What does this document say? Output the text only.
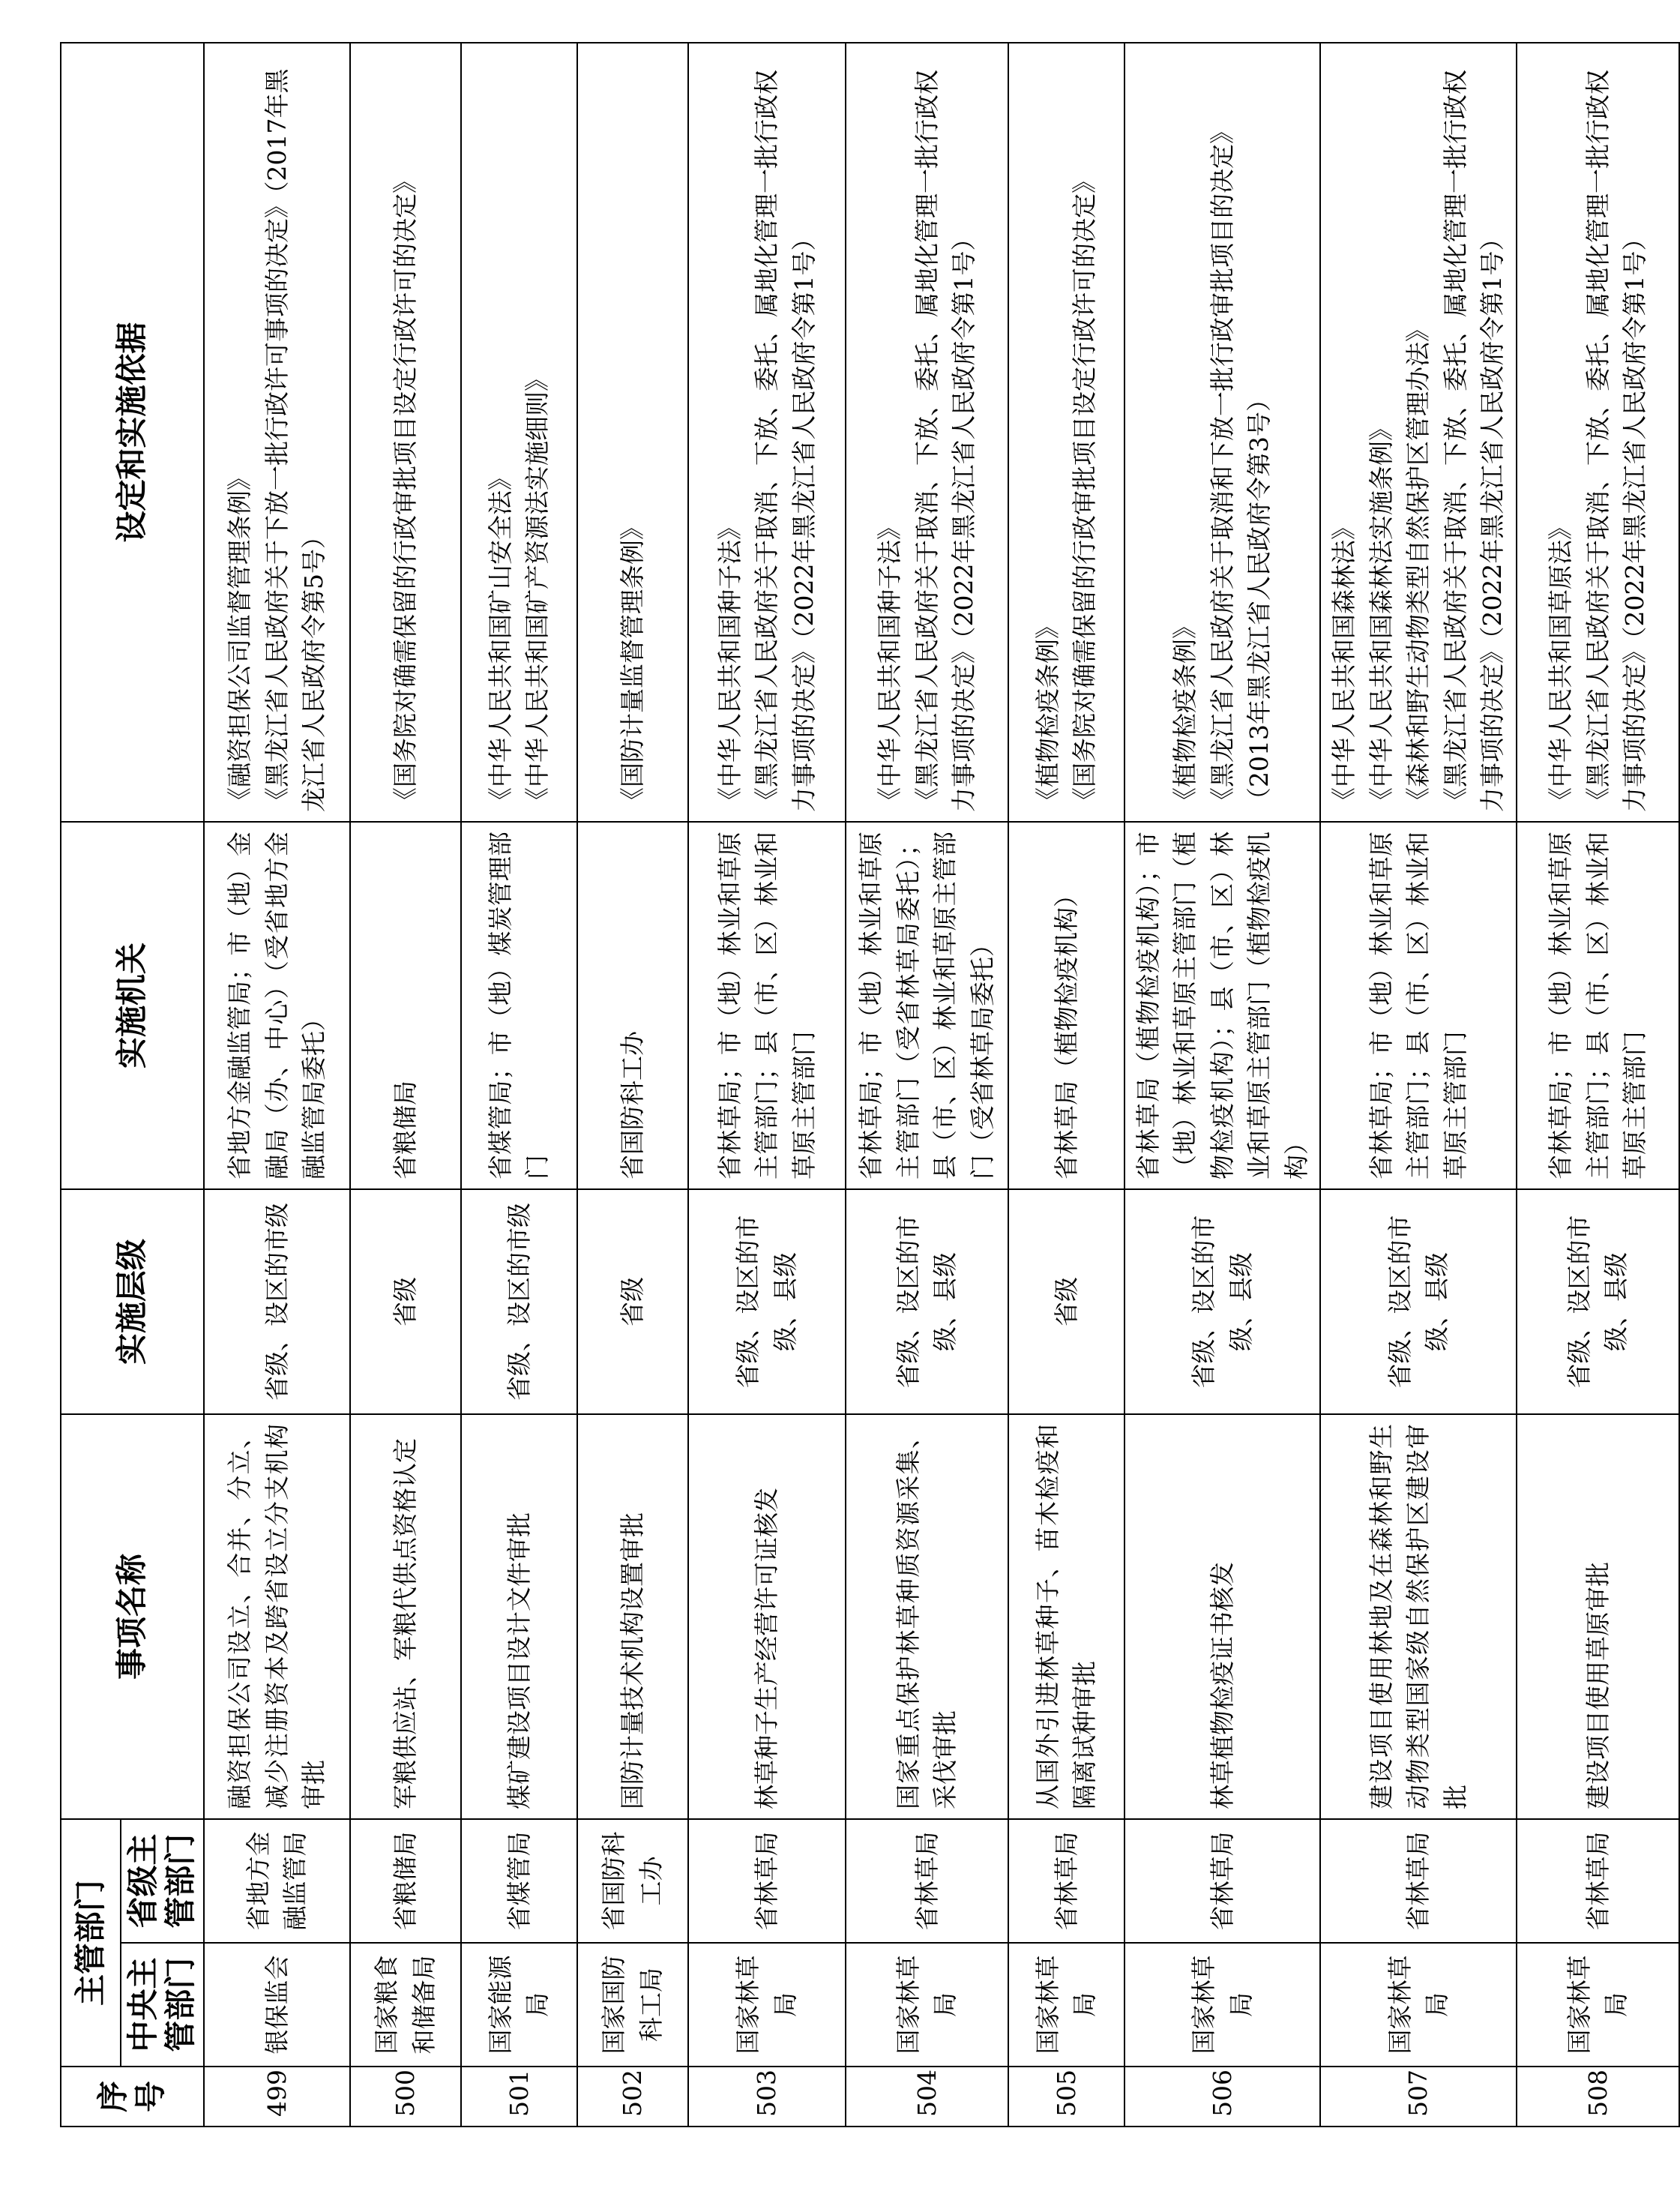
序号	主管部门		事项名称	实施层级	实施机关	设定和实施依据
	中央主管部门	省级主管部门				
499	银保监会	省地方金融监管局	融资担保公司设立、合并、分立、减少注册资本及跨省设立分支机构审批	省级、设区的市级	省地方金融监管局；市（地）金融局（办、中心）（受省地方金融监管局委托）	《融资担保公司监督管理条例》 《黑龙江省人民政府关于下放一批行政许可事项的决定》（2017年黑龙江省人民政府令第5号）

500	国家粮食和储备局	省粮储局	军粮供应站、军粮代供点资格认定	省级	省粮储局	《国务院对确需保留的行政审批项目设定行政许可的决定》

501	国家能源局	省煤管局	煤矿建设项目设计文件审批	省级、设区的市级	省煤管局；市（地）煤炭管理部门	《中华人民共和国矿山安全法》 《中华人民共和国矿产资源法实施细则》

502	国家国防科工局	省国防科工办	国防计量技术机构设置审批	省级	省国防科工办	《国防计量监督管理条例》

503	国家林草局	省林草局	林草种子生产经营许可证核发	省级、设区的市级、县级	省林草局；市（地）林业和草原主管部门；县（市、区）林业和草原主管部门	《中华人民共和国种子法》 《黑龙江省人民政府关于取消、下放、委托、属地化管理一批行政权力事项的决定》（2022年黑龙江省人民政府令第1号）

504	国家林草局	省林草局	国家重点保护林草种质资源采集、采伐审批	省级、设区的市级、县级	省林草局；市（地）林业和草原主管部门（受省林草局委托）；县（市、区）林业和草原主管部门（受省林草局委托）	《中华人民共和国种子法》 《黑龙江省人民政府关于取消、下放、委托、属地化管理一批行政权力事项的决定》（2022年黑龙江省人民政府令第1号）

505	国家林草局	省林草局	从国外引进林草种子、苗木检疫和隔离试种审批	省级	省林草局（植物检疫机构）	《植物检疫条例》 《国务院对确需保留的行政审批项目设定行政许可的决定》

506	国家林草局	省林草局	林草植物检疫证书核发	省级、设区的市级、县级	省林草局（植物检疫机构）；市（地）林业和草原主管部门（植物检疫机构）；县（市、区）林业和草原主管部门（植物检疫机构）	《植物检疫条例》 《黑龙江省人民政府关于取消和下放一批行政审批项目的决定》（2013年黑龙江省人民政府令第3号）

507	国家林草局	省林草局	建设项目使用林地及在森林和野生动物类型国家级自然保护区建设审批	省级、设区的市级、县级	省林草局；市（地）林业和草原主管部门；县（市、区）林业和草原主管部门	《中华人民共和国森林法》 《中华人民共和国森林法实施条例》 《森林和野生动物类型自然保护区管理办法》 《黑龙江省人民政府关于取消、下放、委托、属地化管理一批行政权力事项的决定》（2022年黑龙江省人民政府令第1号）

508	国家林草局	省林草局	建设项目使用草原审批	省级、设区的市级、县级	省林草局；市（地）林业和草原主管部门；县（市、区）林业和草原主管部门	《中华人民共和国草原法》 《黑龙江省人民政府关于取消、下放、委托、属地化管理一批行政权力事项的决定》（2022年黑龙江省人民政府令第1号）
